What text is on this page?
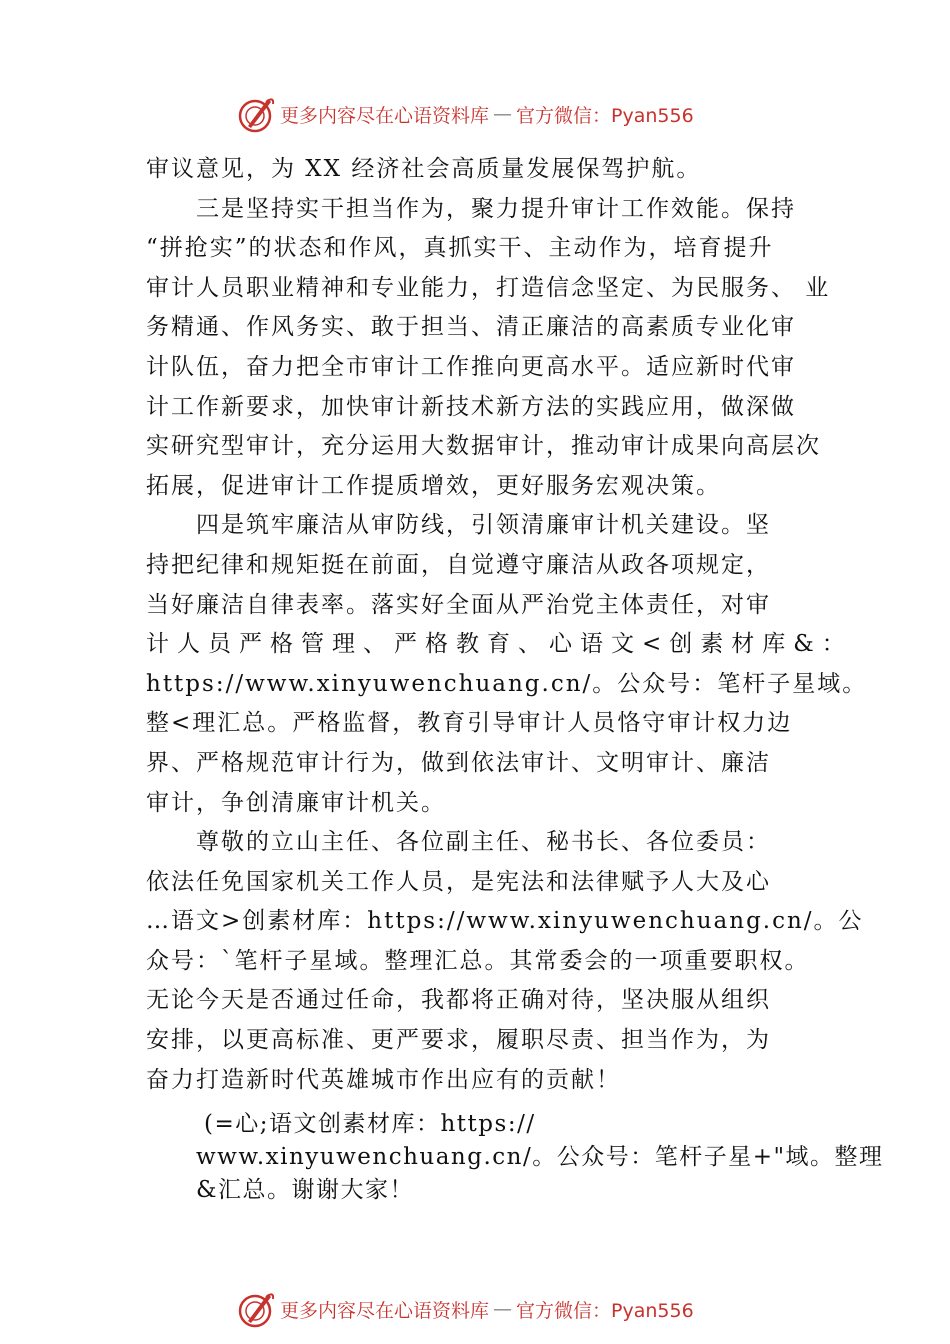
更多内容尽在心语资料库 — 官方微信：Pyan556
审议意见，为 XX 经济社会高质量发展保驾护航。
三是坚持实干担当作为，聚力提升审计工作效能。保持
“拼抢实”的状态和作风，真抓实干、主动作为，培育提升
审计人员职业精神和专业能力，打造信念坚定、为民服务、 业
务精通、作风务实、敢于担当、清正廉洁的高素质专业化审
计队伍，奋力把全市审计工作推向更高水平。适应新时代审
计工作新要求，加快审计新技术新方法的实践应用，做深做
实研究型审计，充分运用大数据审计，推动审计成果向高层次
拓展，促进审计工作提质增效，更好服务宏观决策。
四是筑牢廉洁从审防线，引领清廉审计机关建设。坚
持把纪律和规矩挺在前面，自觉遵守廉洁从政各项规定，
当好廉洁自律表率。落实好全面从严治党主体责任，对审
计人员严格管理、严格教育、心语文<创素材库&：
https://www.xinyuwenchuang.cn/。公众号：笔杆子星域。
整<理汇总。严格监督，教育引导审计人员恪守审计权力边
界、严格规范审计行为，做到依法审计、文明审计、廉洁
审计，争创清廉审计机关。
尊敬的立山主任、各位副主任、秘书长、各位委员：
依法任免国家机关工作人员，是宪法和法律赋予人大及心
…语文>创素材库：https://www.xinyuwenchuang.cn/。公
众号：`笔杆子星域。整理汇总。其常委会的一项重要职权。
无论今天是否通过任命，我都将正确对待，坚决服从组织
安排，以更高标准、更严要求，履职尽责、担当作为，为
奋力打造新时代英雄城市作出应有的贡献！
(=心;语文创素材库：https://
www.xinyuwenchuang.cn/。公众号：笔杆子星+"域。整理
&汇总。谢谢大家！
更多内容尽在心语资料库 — 官方微信：Pyan556
